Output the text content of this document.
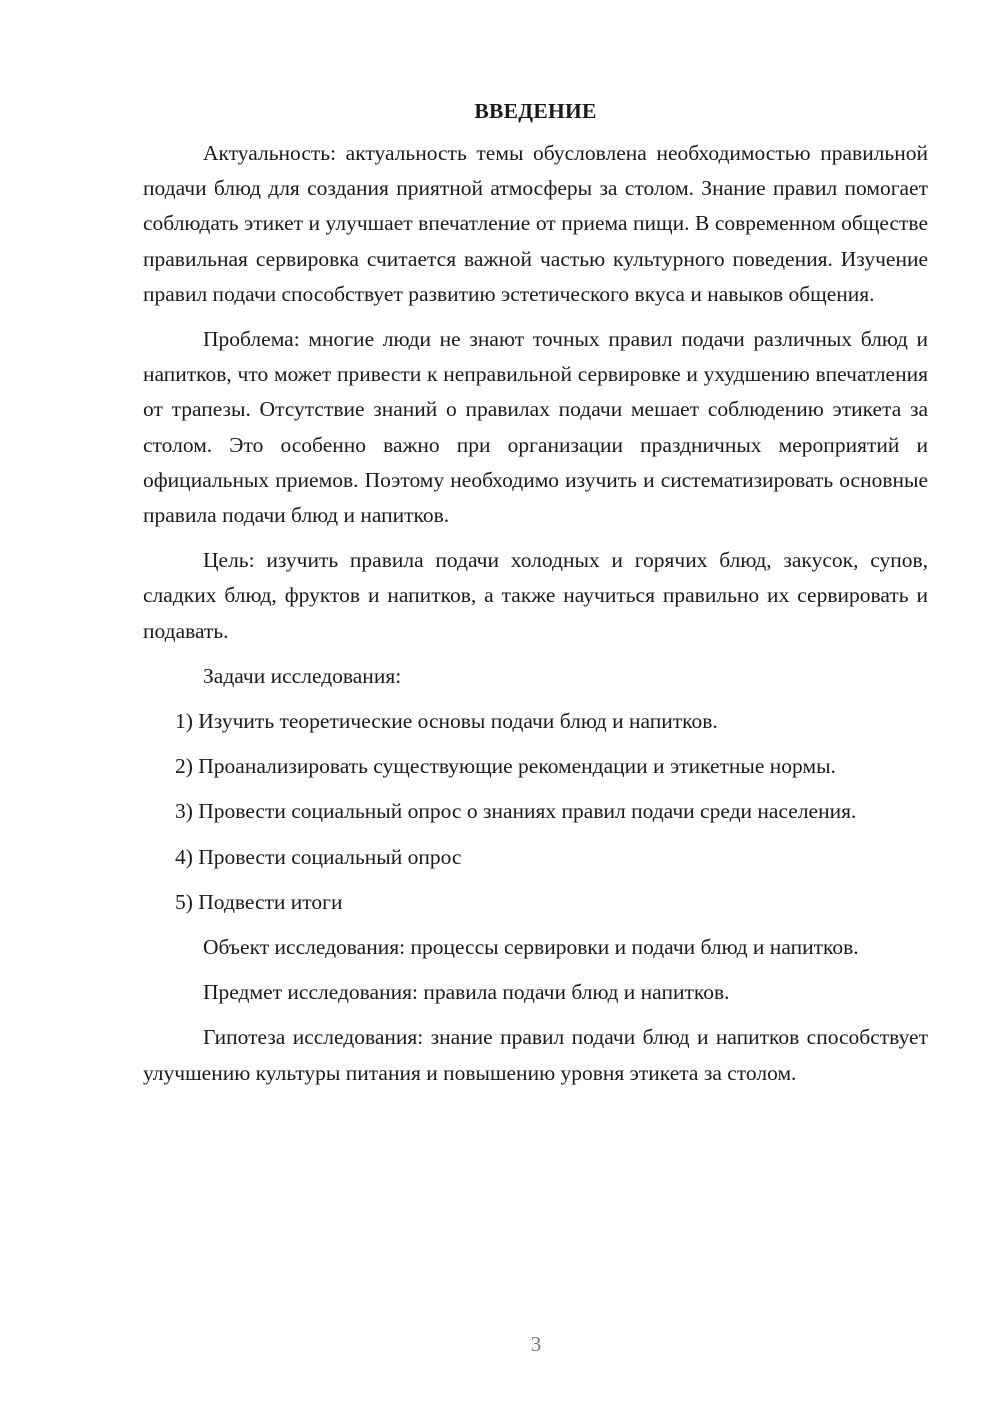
ВВЕДЕНИЕ

Актуальность: актуальность темы обусловлена необходимостью правильной подачи блюд для создания приятной атмосферы за столом. Знание правил помогает соблюдать этикет и улучшает впечатление от приема пищи. В современном обществе правильная сервировка считается важной частью культурного поведения. Изучение правил подачи способствует развитию эстетического вкуса и навыков общения.

Проблема: многие люди не знают точных правил подачи различных блюд и напитков, что может привести к неправильной сервировке и ухудшению впечатления от трапезы. Отсутствие знаний о правилах подачи мешает соблюдению этикета за столом. Это особенно важно при организации праздничных мероприятий и официальных приемов. Поэтому необходимо изучить и систематизировать основные правила подачи блюд и напитков.

Цель: изучить правила подачи холодных и горячих блюд, закусок, супов, сладких блюд, фруктов и напитков, а также научиться правильно их сервировать и подавать.

Задачи исследования:

1) Изучить теоретические основы подачи блюд и напитков.

2) Проанализировать существующие рекомендации и этикетные нормы.

3) Провести социальный опрос о знаниях правил подачи среди населения.

4) Провести социальный опрос

5) Подвести итоги

Объект исследования: процессы сервировки и подачи блюд и напитков.

Предмет исследования: правила подачи блюд и напитков.

Гипотеза исследования: знание правил подачи блюд и напитков способствует улучшению культуры питания и повышению уровня этикета за столом.

3
